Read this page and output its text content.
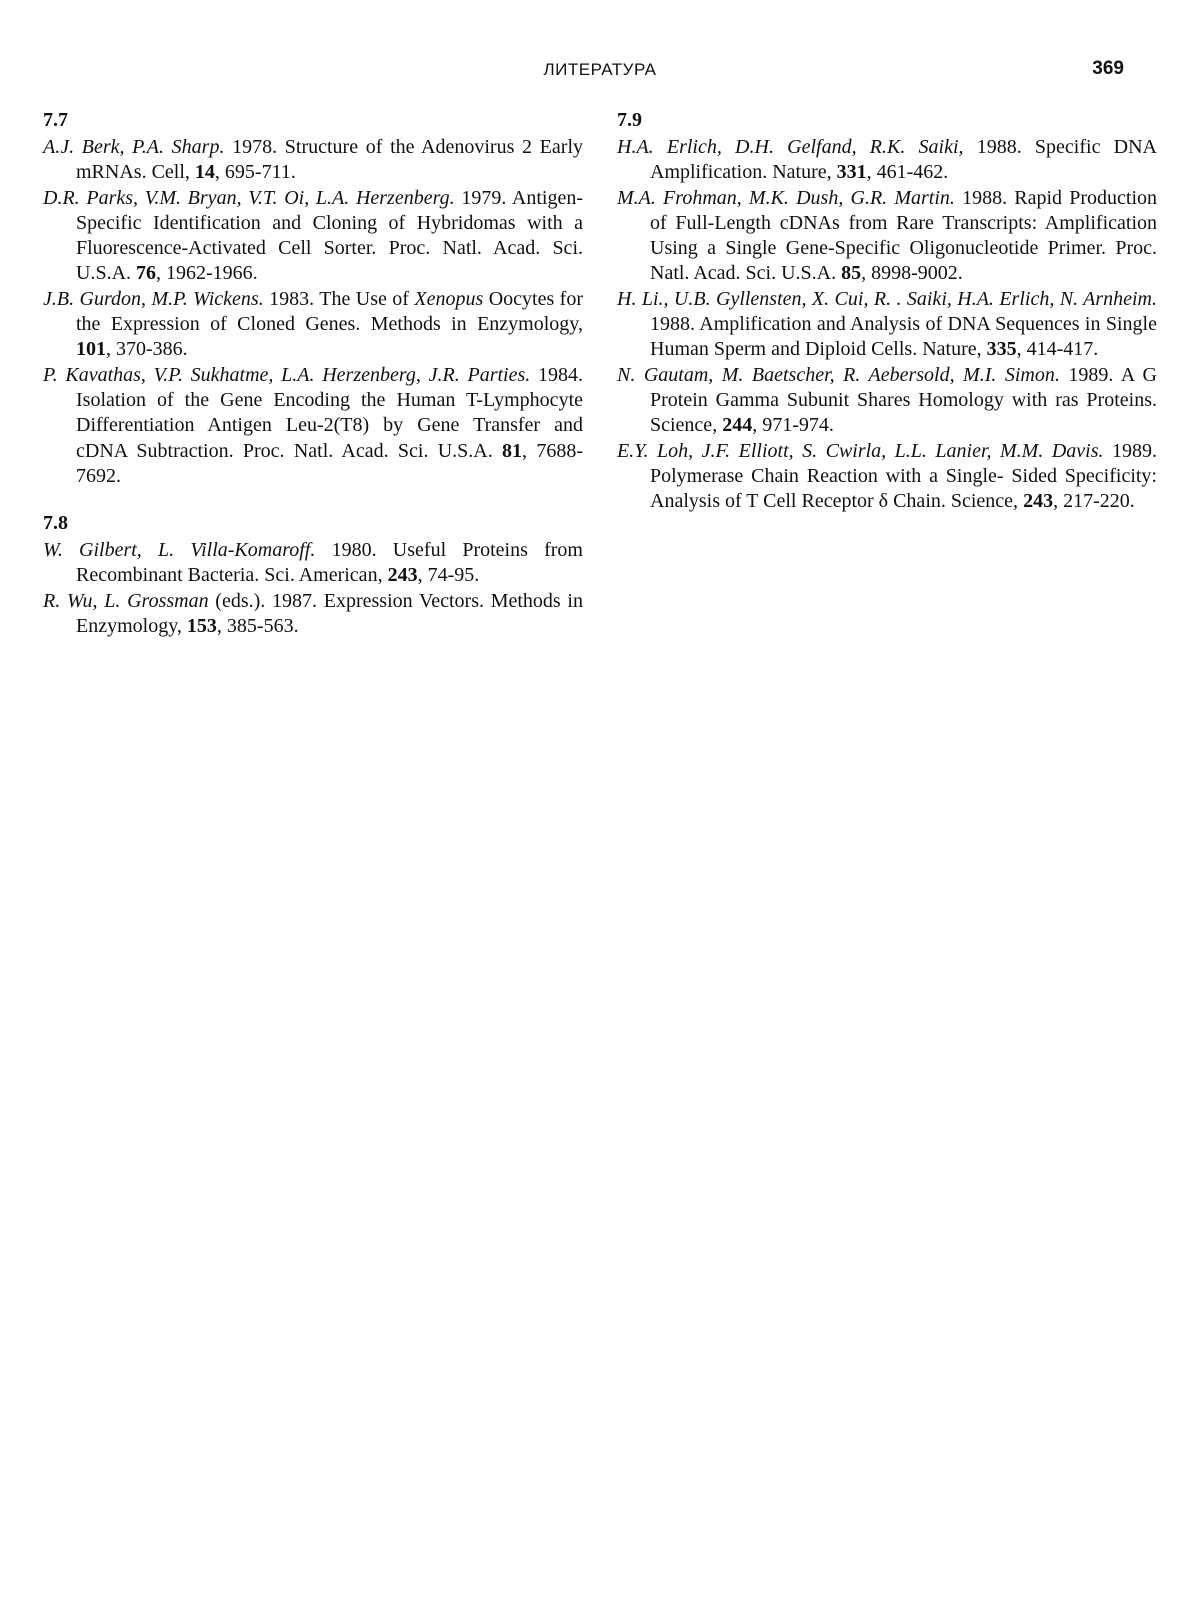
ЛИТЕРАТУРА	369
7.7
A.J. Berk, P.A. Sharp. 1978. Structure of the Adenovirus 2 Early mRNAs. Cell, 14, 695-711.
D.R. Parks, V.M. Bryan, V.T. Oi, L.A. Herzenberg. 1979. Antigen-Specific Identification and Cloning of Hybridomas with a Fluorescence-Activated Cell Sorter. Proc. Natl. Acad. Sci. U.S.A. 76, 1962-1966.
J.B. Gurdon, M.P. Wickens. 1983. The Use of Xenopus Oocytes for the Expression of Cloned Genes. Methods in Enzymology, 101, 370-386.
P. Kavathas, V.P. Sukhatme, L.A. Herzenberg, J.R. Parties. 1984. Isolation of the Gene Encoding the Human T-Lymphocyte Differentiation Antigen Leu-2(T8) by Gene Transfer and cDNA Subtraction. Proc. Natl. Acad. Sci. U.S.A. 81, 7688-7692.
7.8
W. Gilbert, L. Villa-Komaroff. 1980. Useful Proteins from Recombinant Bacteria. Sci. American, 243, 74-95.
R. Wu, L. Grossman (eds.). 1987. Expression Vectors. Methods in Enzymology, 153, 385-563.
7.9
H.A. Erlich, D.H. Gelfand, R.K. Saiki, 1988. Specific DNA Amplification. Nature, 331, 461-462.
M.A. Frohman, M.K. Dush, G.R. Martin. 1988. Rapid Production of Full-Length cDNAs from Rare Transcripts: Amplification Using a Single Gene-Specific Oligonucleotide Primer. Proc. Natl. Acad. Sci. U.S.A. 85, 8998-9002.
H. Li., U.B. Gyllensten, X. Cui, R. . Saiki, H.A. Erlich, N. Arnheim. 1988. Amplification and Analysis of DNA Sequences in Single Human Sperm and Diploid Cells. Nature, 335, 414-417.
N. Gautam, M. Baetscher, R. Aebersold, M.I. Simon. 1989. A G Protein Gamma Subunit Shares Homology with ras Proteins. Science, 244, 971-974.
E.Y. Loh, J.F. Elliott, S. Cwirla, L.L. Lanier, M.M. Davis. 1989. Polymerase Chain Reaction with a Single- Sided Specificity: Analysis of T Cell Receptor δ Chain. Science, 243, 217-220.
